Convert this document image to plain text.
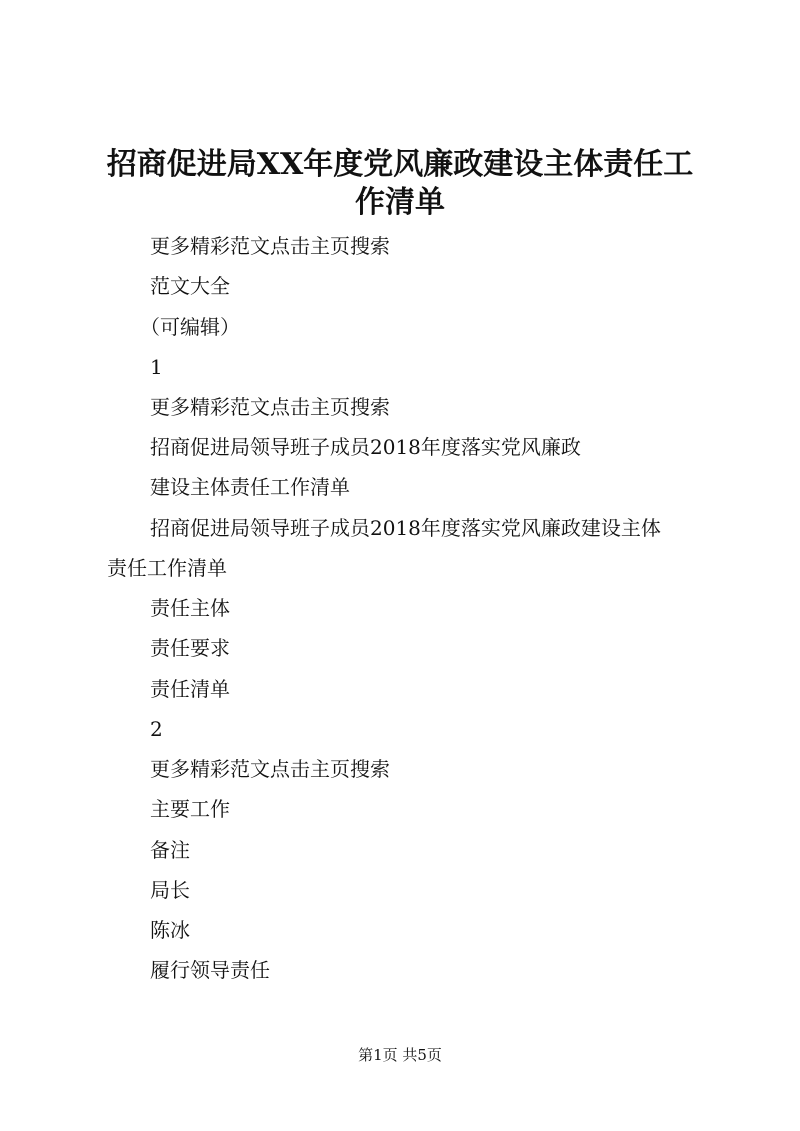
招商促进局XX年度党风廉政建设主体责任工
作清单
更多精彩范文点击主页搜索
范文大全
（可编辑）
1
更多精彩范文点击主页搜索
招商促进局领导班子成员2018年度落实党风廉政
建设主体责任工作清单
招商促进局领导班子成员2018年度落实党风廉政建设主体
责任工作清单
责任主体
责任要求
责任清单
2
更多精彩范文点击主页搜索
主要工作
备注
局长
陈冰
履行领导责任
第1页 共5页
